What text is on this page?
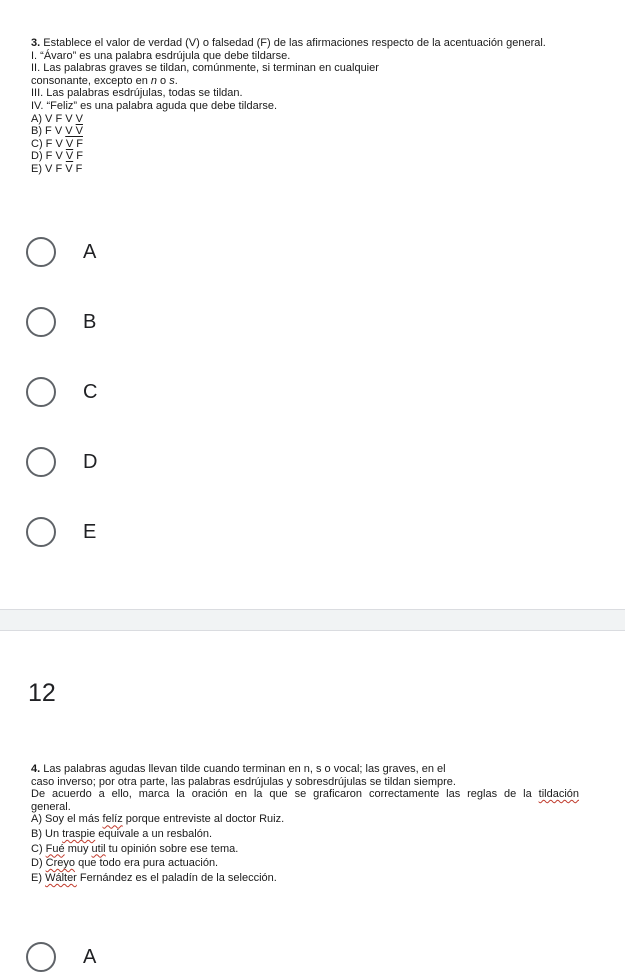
3. Establece el valor de verdad (V) o falsedad (F) de las afirmaciones respecto de la acentuación general.
I. “Ávaro” es una palabra esdrújula que debe tildarse.
II. Las palabras graves se tildan, comúnmente, si terminan en cualquier
consonante, excepto en n o s.
III. Las palabras esdrújulas, todas se tildan.
IV. “Feliz” es una palabra aguda que debe tildarse.
A) V F V V
B) F V V V
C) F V V F
D) F V V F
E) V F V F
A
B
C
D
E
12
4. Las palabras agudas llevan tilde cuando terminan en n, s o vocal; las graves, en el
caso inverso; por otra parte, las palabras esdrújulas y sobresdrújulas se tildan siempre.
De acuerdo a ello, marca la oración en la que se graficaron correctamente las reglas de la tildación
general.
A) Soy el más felíz porque entreviste al doctor Ruiz.
B) Un traspie equivale a un resbalón.
C) Fué muy util tu opinión sobre ese tema.
D) Creyo que todo era pura actuación.
E) Wálter Fernández es el paladín de la selección.
A
